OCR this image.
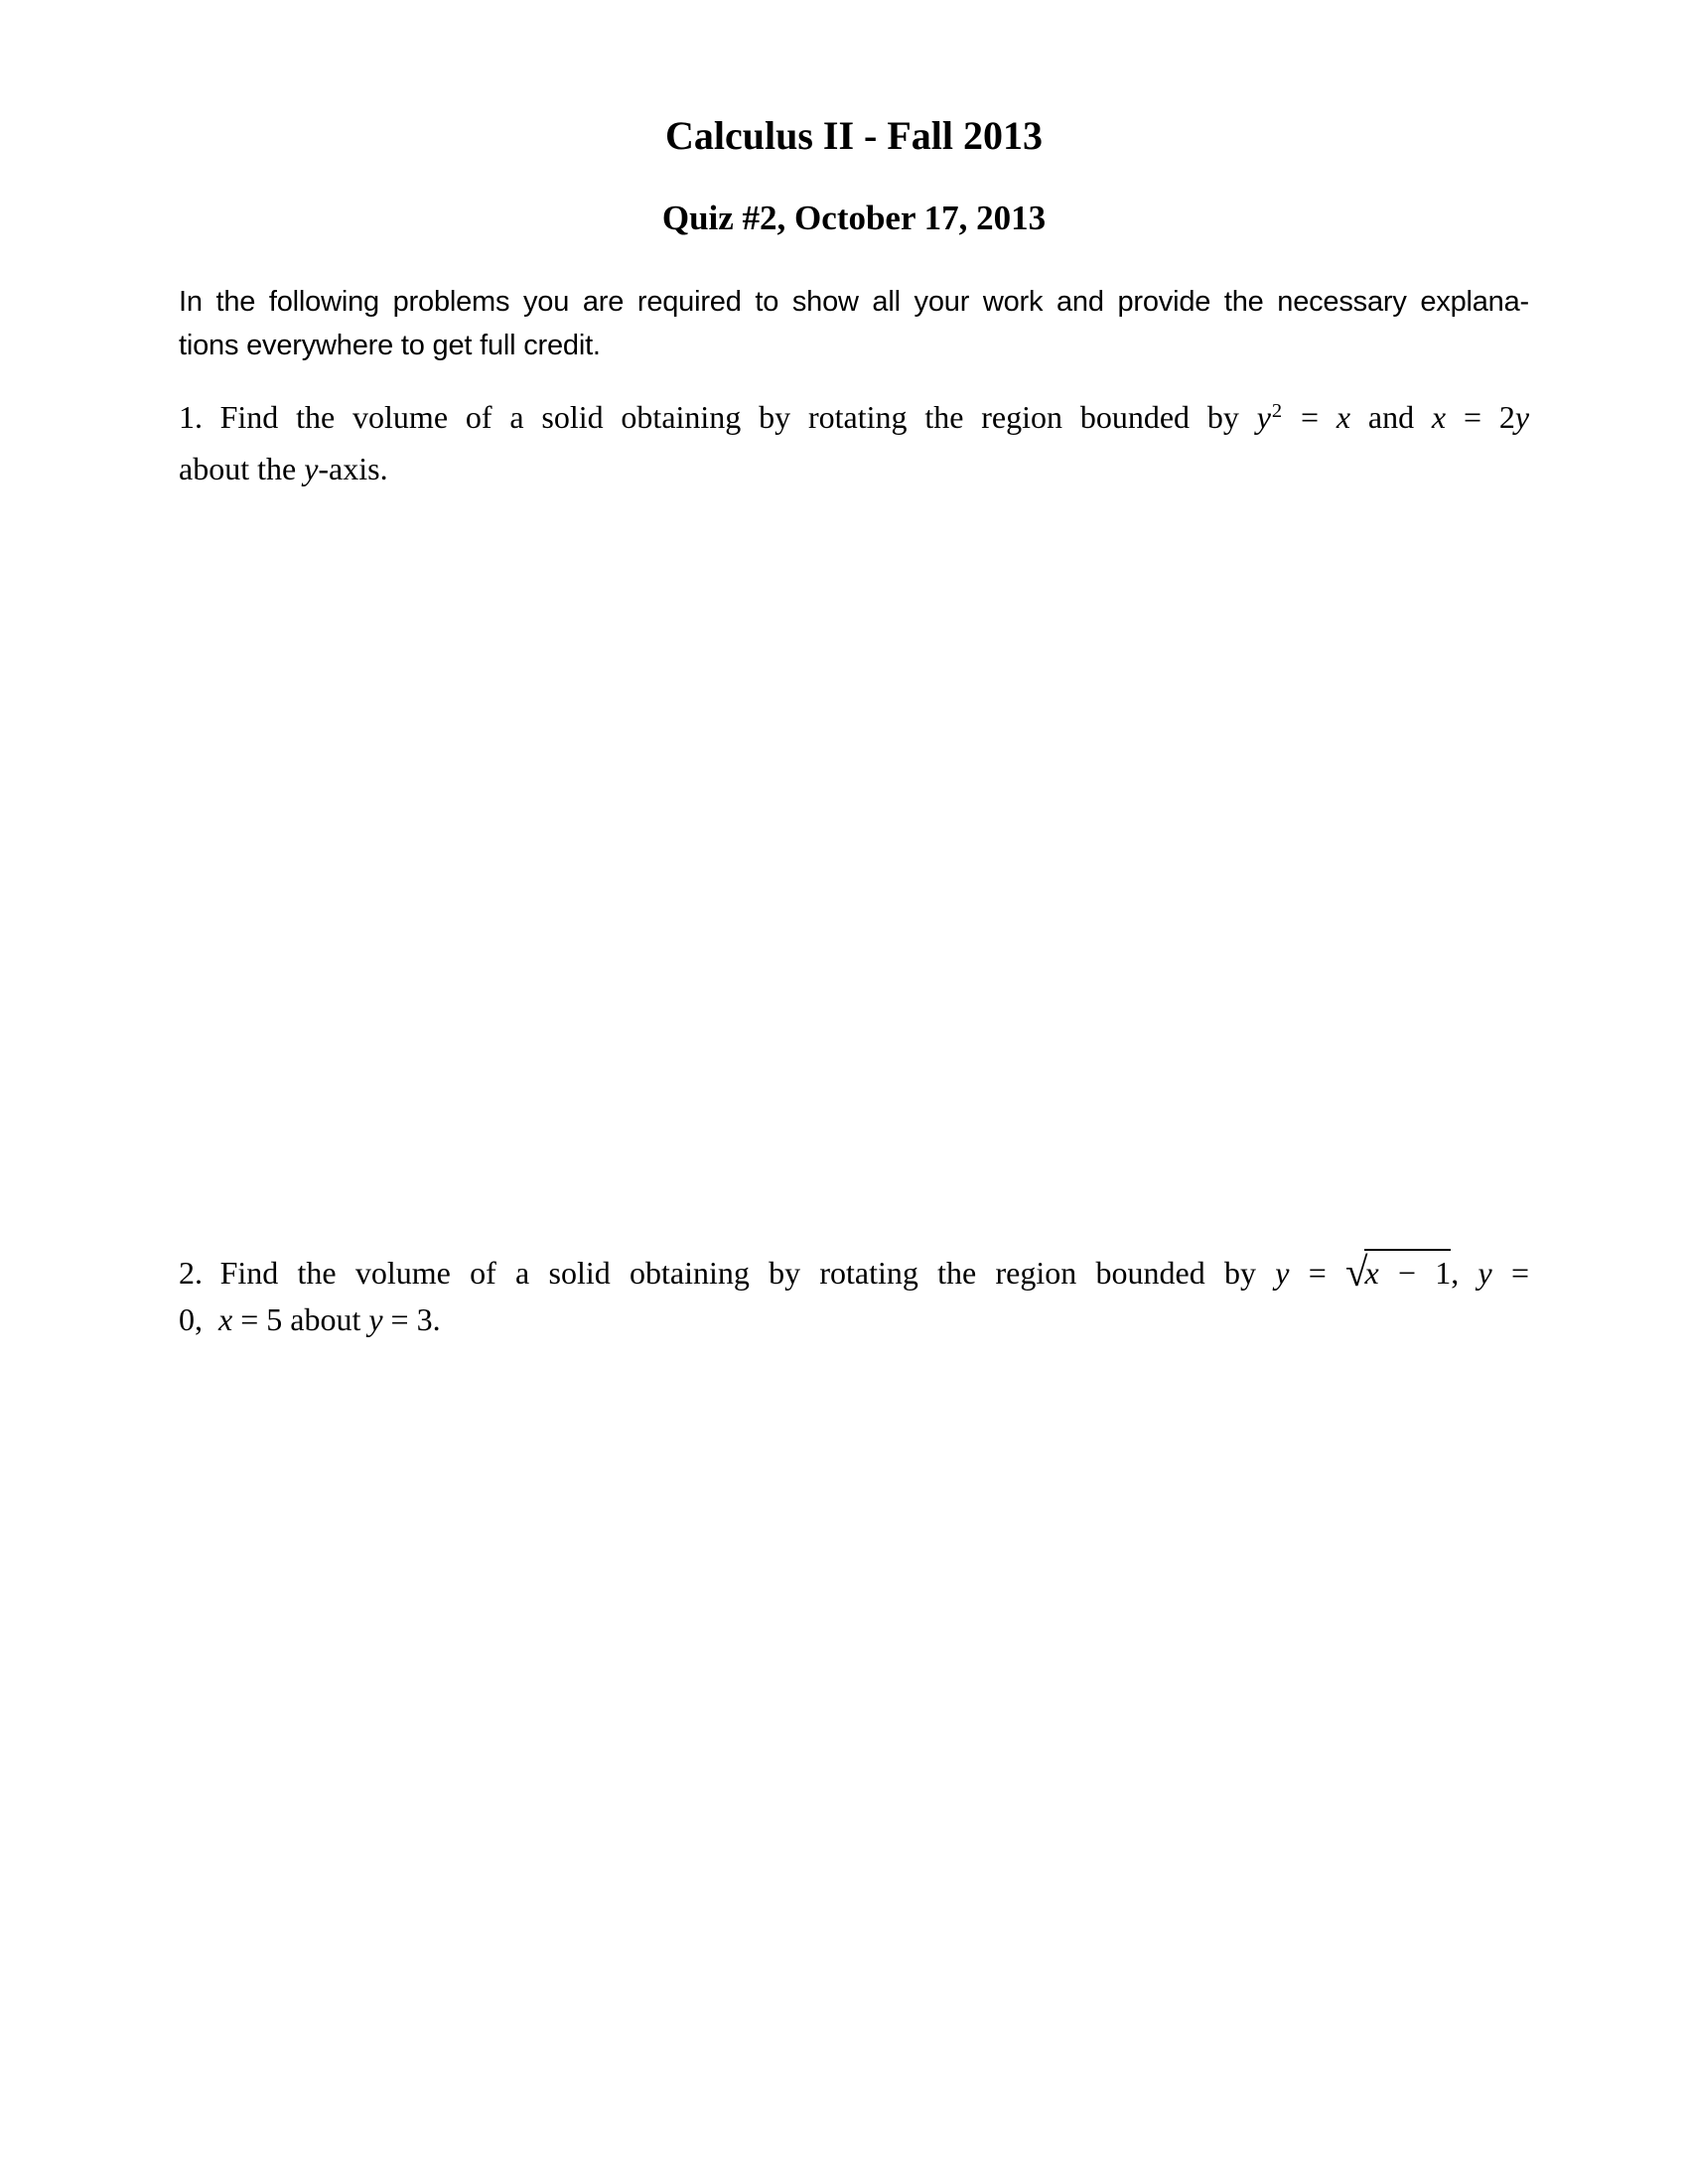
Calculus II - Fall 2013
Quiz #2, October 17, 2013
In the following problems you are required to show all your work and provide the necessary explana-
tions everywhere to get full credit.
1. Find the volume of a solid obtaining by rotating the region bounded by $y^2 = x$ and x = 2y
about the y-axis.
2. Find the volume of a solid obtaining by rotating the region bounded by y = √x − 1, y =
0,  x = 5 about y = 3.
